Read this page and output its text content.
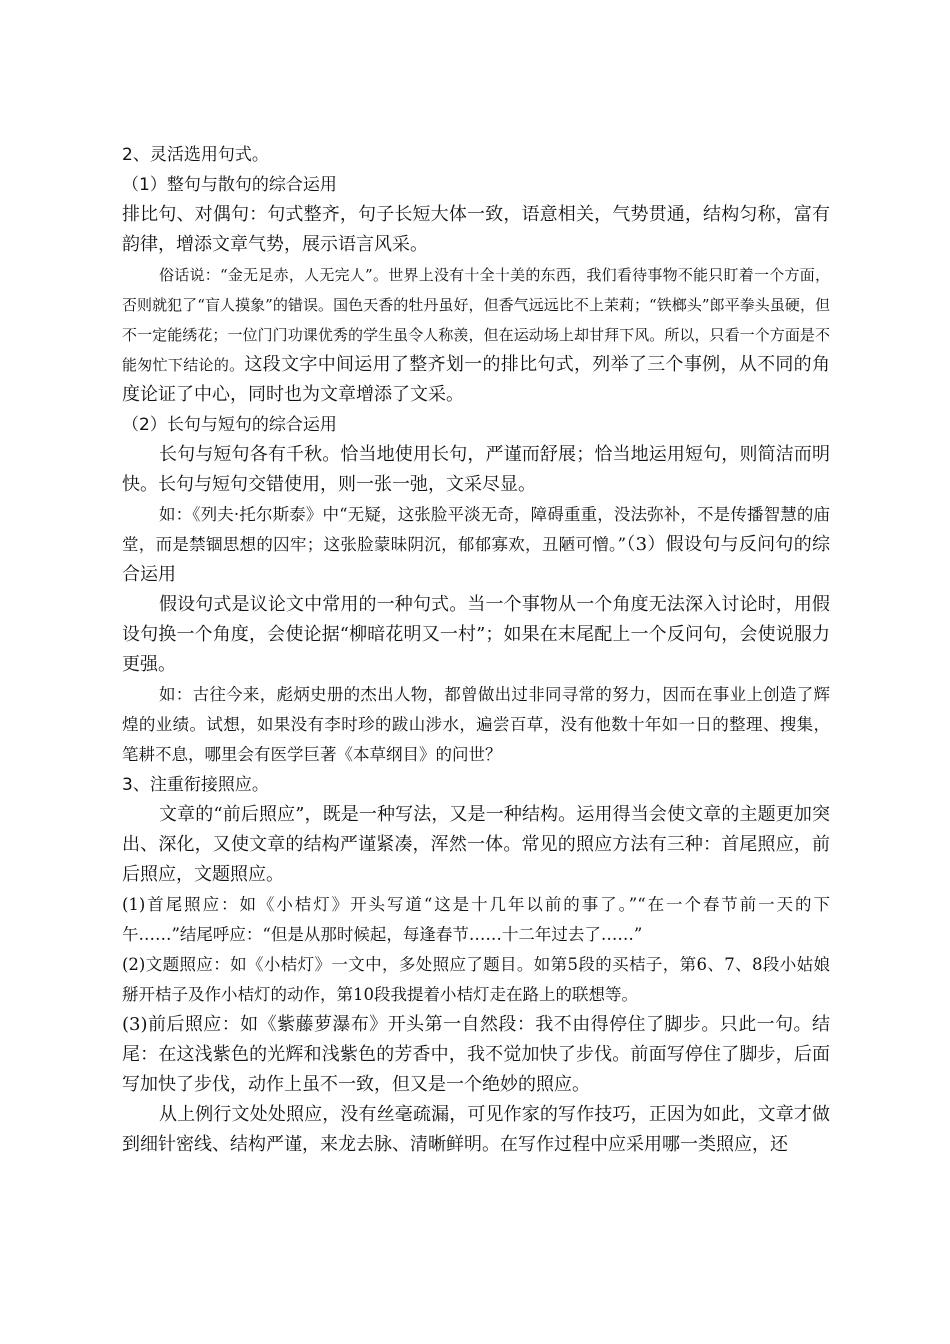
2、灵活选用句式。

（1）整句与散句的综合运用

排比句、对偶句：句式整齐，句子长短大体一致，语意相关，气势贯通，结构匀称，富有韵律，增添文章气势，展示语言风采。

俗话说：“金无足赤，人无完人”。世界上没有十全十美的东西，我们看待事物不能只盯着一个方面，否则就犯了“盲人摸象”的错误。国色天香的牡丹虽好，但香气远远比不上茉莉；“铁榔头”郎平拳头虽硬，但不一定能绣花；一位门门功课优秀的学生虽令人称羡，但在运动场上却甘拜下风。所以，只看一个方面是不能匆忙下结论的。这段文字中间运用了整齐划一的排比句式，列举了三个事例，从不同的角度论证了中心，同时也为文章增添了文采。

（2）长句与短句的综合运用

长句与短句各有千秋。恰当地使用长句，严谨而舒展；恰当地运用短句，则简洁而明快。长句与短句交错使用，则一张一弛，文采尽显。

如：《列夫·托尔斯泰》中“无疑，这张脸平淡无奇，障碍重重，没法弥补，不是传播智慧的庙堂，而是禁锢思想的囚牢；这张脸蒙昧阴沉，郁郁寡欢，丑陋可憎。”（3）假设句与反问句的综合运用

假设句式是议论文中常用的一种句式。当一个事物从一个角度无法深入讨论时，用假设句换一个角度，会使论据“柳暗花明又一村”；如果在末尾配上一个反问句，会使说服力更强。

如：古往今来，彪炳史册的杰出人物，都曾做出过非同寻常的努力，因而在事业上创造了辉煌的业绩。试想，如果没有李时珍的跋山涉水，遍尝百草，没有他数十年如一日的整理、搜集，笔耕不息，哪里会有医学巨著《本草纲目》的问世？

3、注重衔接照应。

文章的“前后照应”，既是一种写法，又是一种结构。运用得当会使文章的主题更加突出、深化，又使文章的结构严谨紧凑，浑然一体。常见的照应方法有三种：首尾照应，前后照应，文题照应。

(1)首尾照应：如《小桔灯》开头写道“这是十几年以前的事了。”“在一个春节前一天的下午……”结尾呼应：“但是从那时候起，每逢春节……十二年过去了……”

(2)文题照应：如《小桔灯》一文中，多处照应了题目。如第5段的买桔子，第6、7、8段小姑娘掰开桔子及作小桔灯的动作，第10段我提着小桔灯走在路上的联想等。

(3)前后照应：如《紫藤萝瀑布》开头第一自然段：我不由得停住了脚步。只此一句。结尾：在这浅紫色的光辉和浅紫色的芳香中，我不觉加快了步伐。前面写停住了脚步，后面写加快了步伐，动作上虽不一致，但又是一个绝妙的照应。

从上例行文处处照应，没有丝毫疏漏，可见作家的写作技巧，正因为如此，文章才做到细针密线、结构严谨，来龙去脉、清晰鲜明。在写作过程中应采用哪一类照应，还
